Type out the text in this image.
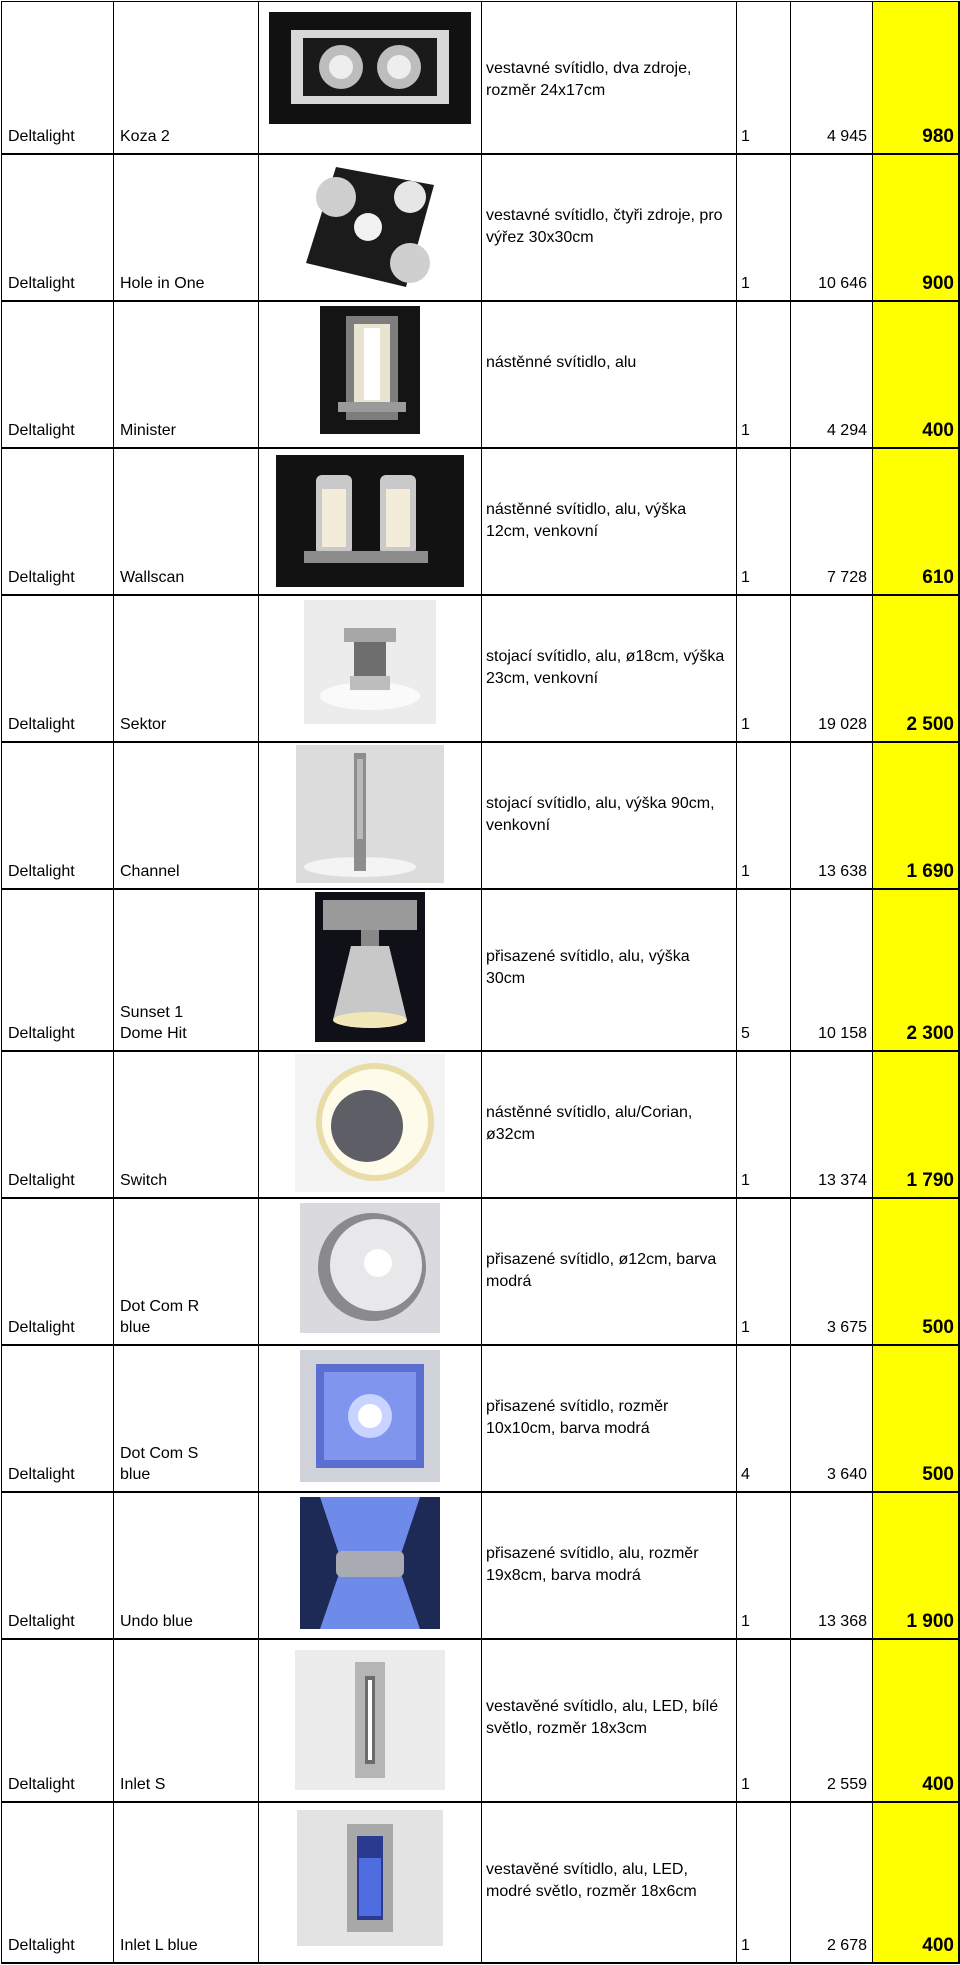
Deltalight	Koza 2
vestavné svítidlo, dva zdroje, rozměr 24x17cm
1	4 945	980
Deltalight	Hole in One
vestavné svítidlo, čtyři zdroje, pro výřez 30x30cm
1	10 646	900
Deltalight	Minister
nástěnné svítidlo, alu
1	4 294	400
Deltalight	Wallscan
nástěnné svítidlo, alu, výška 12cm, venkovní
1	7 728	610
Deltalight	Sektor
stojací svítidlo, alu, ø18cm, výška 23cm, venkovní
1	19 028	2 500
Deltalight	Channel
stojací svítidlo, alu, výška 90cm, venkovní
1	13 638	1 690
Deltalight
Sunset 1 Dome Hit
přisazené svítidlo, alu, výška 30cm
5	10 158	2 300
Deltalight	Switch
nástěnné svítidlo, alu/Corian, ø32cm
1	13 374	1 790
Deltalight
Dot Com R blue
přisazené svítidlo, ø12cm, barva modrá
1	3 675	500
Deltalight
Dot Com S blue
přisazené svítidlo, rozměr 10x10cm, barva modrá
4	3 640	500
Deltalight	Undo blue
přisazené svítidlo, alu, rozměr 19x8cm, barva modrá
1	13 368	1 900
Deltalight	Inlet S
vestavěné svítidlo, alu, LED, bílé světlo, rozměr 18x3cm
1	2 559	400
Deltalight	Inlet L blue
vestavěné svítidlo, alu, LED, modré světlo, rozměr 18x6cm
1	2 678	400
